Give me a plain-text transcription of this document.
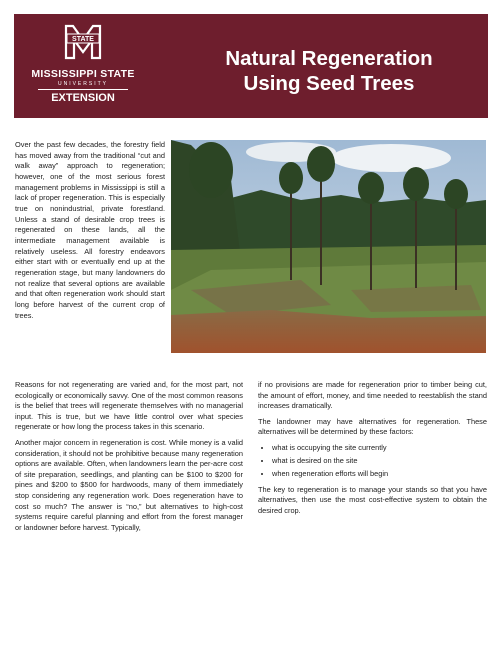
STATE
MISSISSIPPI STATE
UNIVERSITY
EXTENSION
Natural Regeneration
Using Seed Trees
Over the past few decades, the forestry field has moved away from the traditional “cut and walk away” approach to regeneration; however, one of the most serious forest management problems in Mississippi is still a lack of proper regeneration. This is especially true on nonindustrial, private forestland. Unless a stand of desirable crop trees is regenerated on these lands, all the intermediate management available is relatively useless. All forestry endeavors either start with or eventually end up at the regeneration stage, but many landowners do not realize that several options are available and that often regeneration work should start long before harvest of the current crop of trees.

Reasons for not regenerating are varied and, for the most part, not ecologically or economically savvy. One of the most common reasons is the belief that trees will regenerate themselves with no managerial input. This is true, but we have little control over what species regenerate or how long the process takes in this scenario.

Another major concern in regeneration is cost. While money is a valid consideration, it should not be prohibitive because many regeneration options are available. Often, when landowners learn the per-acre cost of site preparation, seedlings, and planting can be $100 to $200 for pines and $200 to $500 for hardwoods, many of them immediately stop considering any regeneration work. Does regeneration have to cost so much? The answer is “no,” but alternatives to high-cost systems require careful planning and effort from the forest manager or landowner before harvest. Typically,

if no provisions are made for regeneration prior to timber being cut, the amount of effort, money, and time needed to reestablish the stand increases dramatically.

The landowner may have alternatives for regeneration. These alternatives will be determined by these factors:

• what is occupying the site currently
• what is desired on the site
• when regeneration efforts will begin

The key to regeneration is to manage your stands so that you have alternatives, then use the most cost-effective system to obtain the desired crop.
